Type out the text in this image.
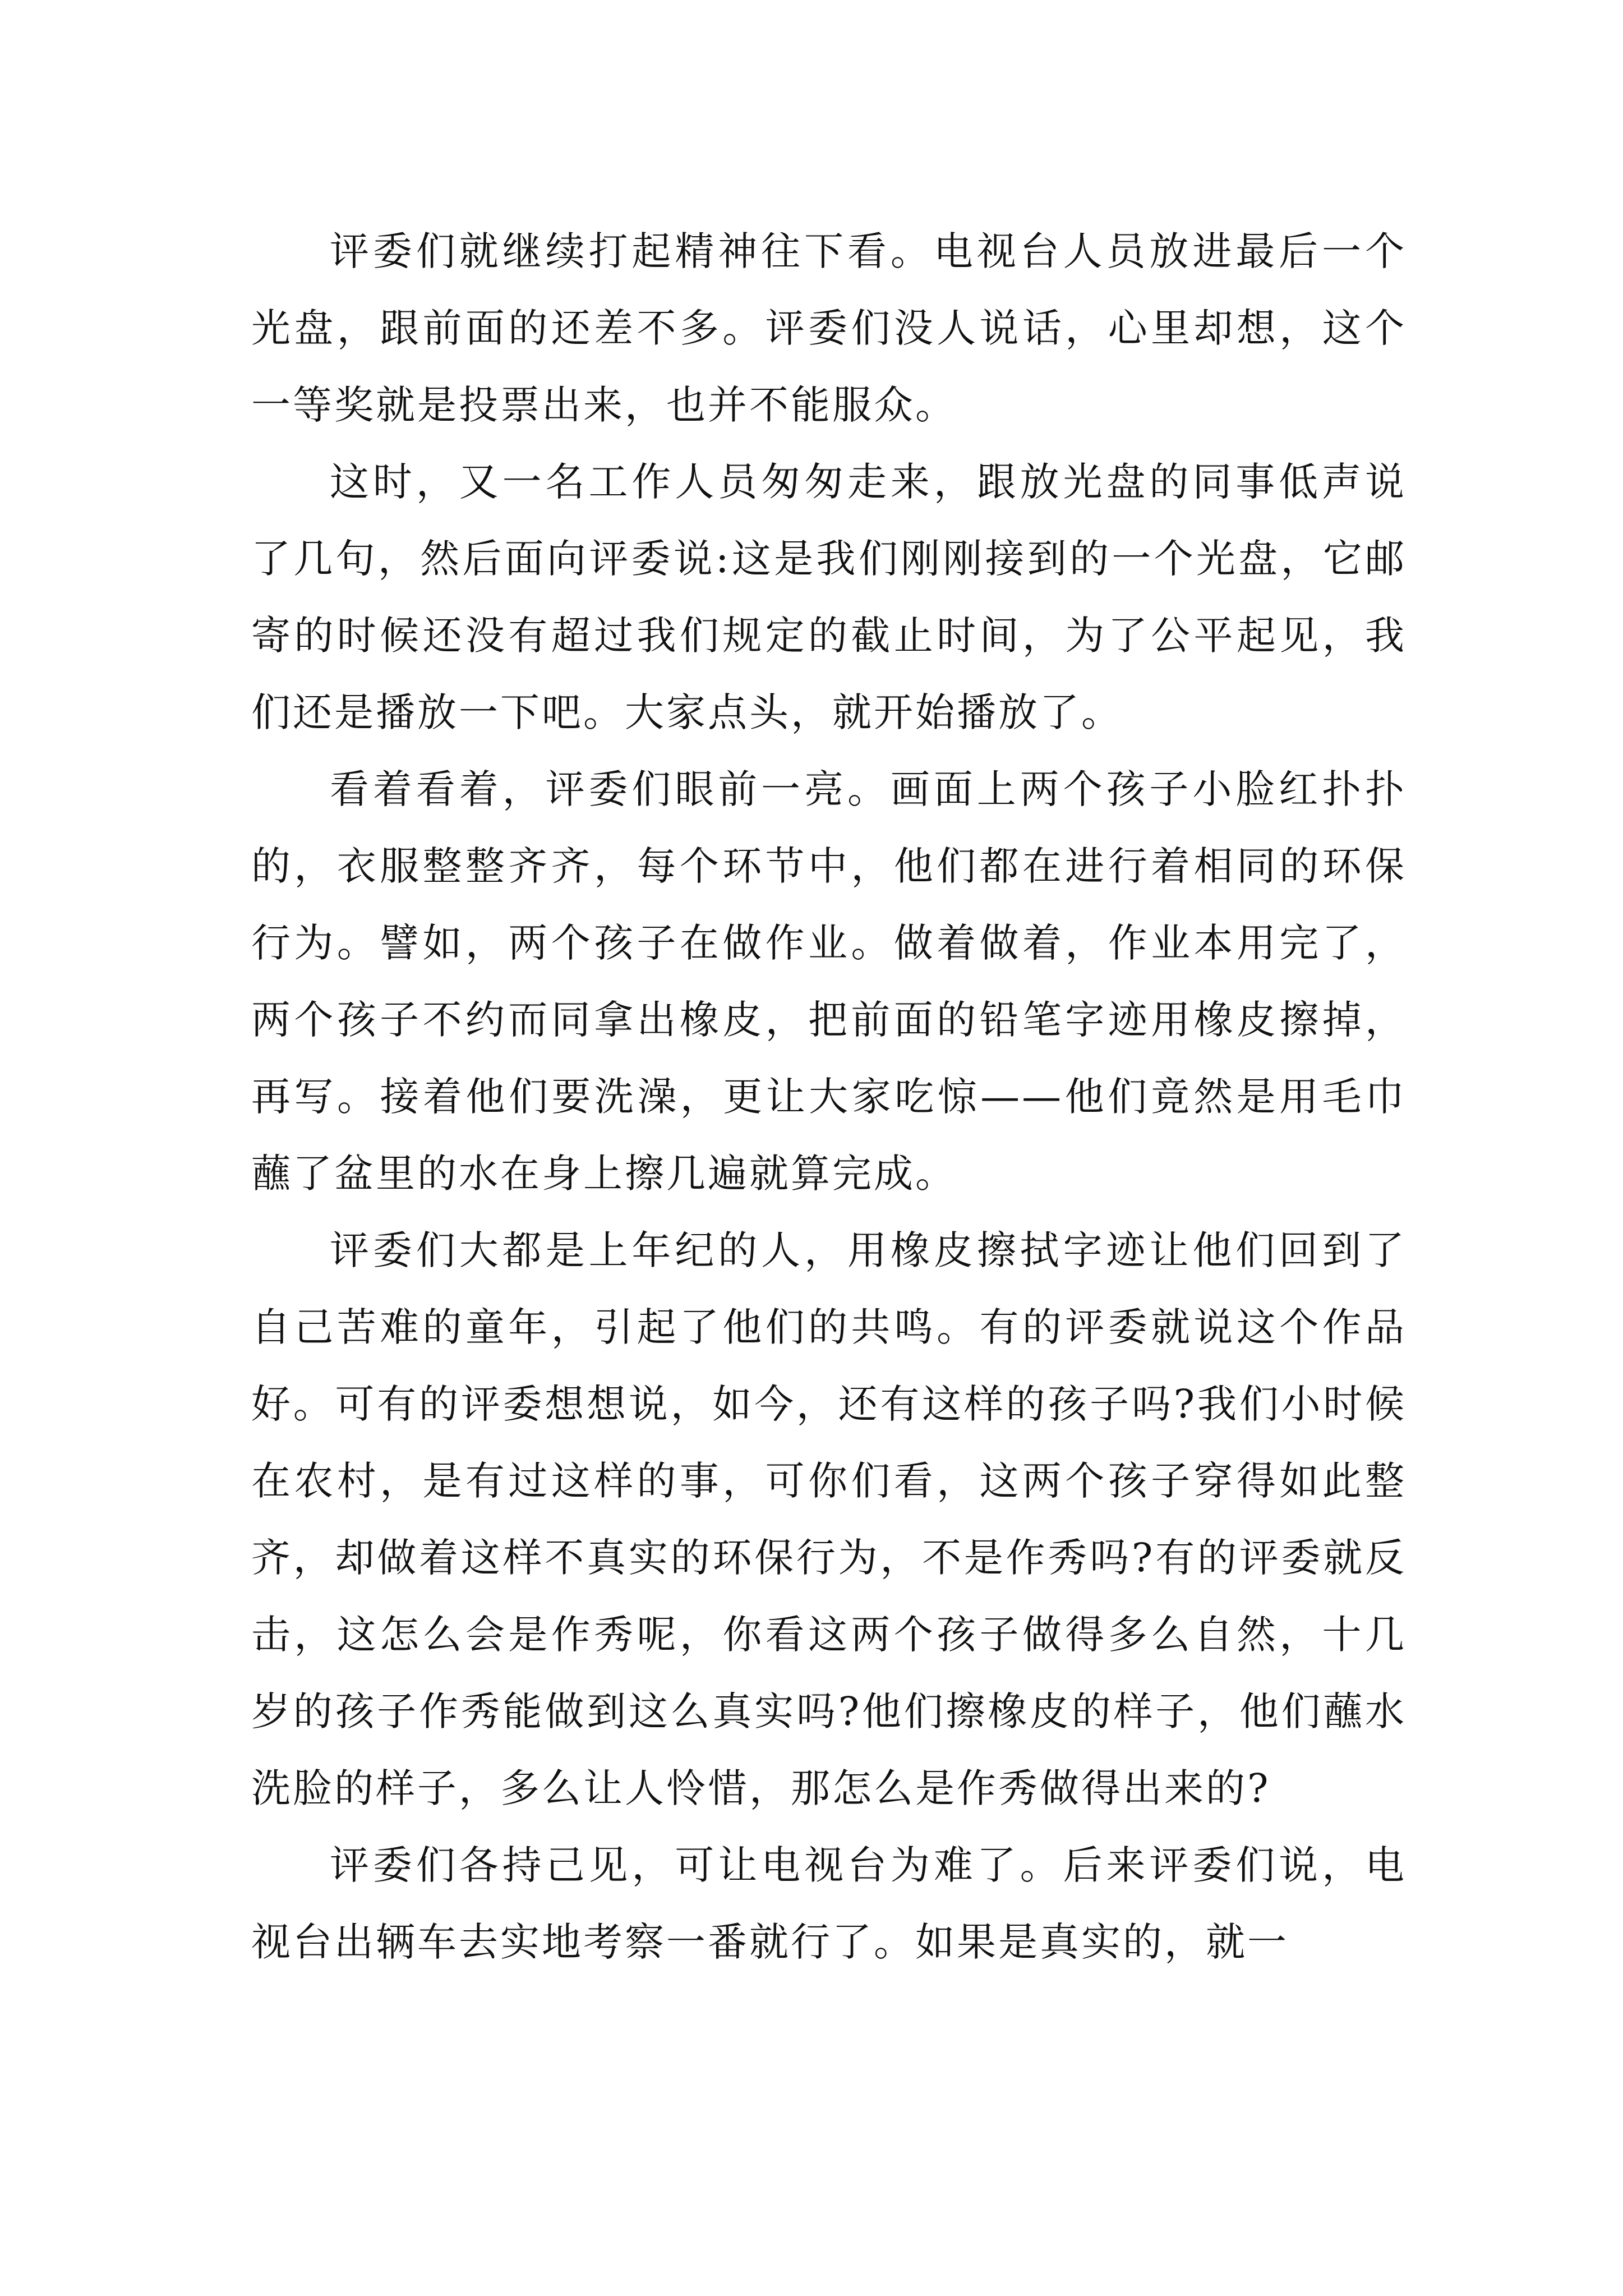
评委们就继续打起精神往下看。电视台人员放进最后一个光盘，跟前面的还差不多。评委们没人说话，心里却想，这个一等奖就是投票出来，也并不能服众。

这时，又一名工作人员匆匆走来，跟放光盘的同事低声说了几句，然后面向评委说:这是我们刚刚接到的一个光盘，它邮寄的时候还没有超过我们规定的截止时间，为了公平起见，我们还是播放一下吧。大家点头，就开始播放了。

看着看着，评委们眼前一亮。画面上两个孩子小脸红扑扑的，衣服整整齐齐，每个环节中，他们都在进行着相同的环保行为。譬如，两个孩子在做作业。做着做着，作业本用完了，两个孩子不约而同拿出橡皮，把前面的铅笔字迹用橡皮擦掉，再写。接着他们要洗澡，更让大家吃惊——他们竟然是用毛巾蘸了盆里的水在身上擦几遍就算完成。

评委们大都是上年纪的人，用橡皮擦拭字迹让他们回到了自己苦难的童年，引起了他们的共鸣。有的评委就说这个作品好。可有的评委想想说，如今，还有这样的孩子吗?我们小时候在农村，是有过这样的事，可你们看，这两个孩子穿得如此整齐，却做着这样不真实的环保行为，不是作秀吗?有的评委就反击，这怎么会是作秀呢，你看这两个孩子做得多么自然，十几岁的孩子作秀能做到这么真实吗?他们擦橡皮的样子，他们蘸水洗脸的样子，多么让人怜惜，那怎么是作秀做得出来的?

评委们各持己见，可让电视台为难了。后来评委们说，电视台出辆车去实地考察一番就行了。如果是真实的，就一
